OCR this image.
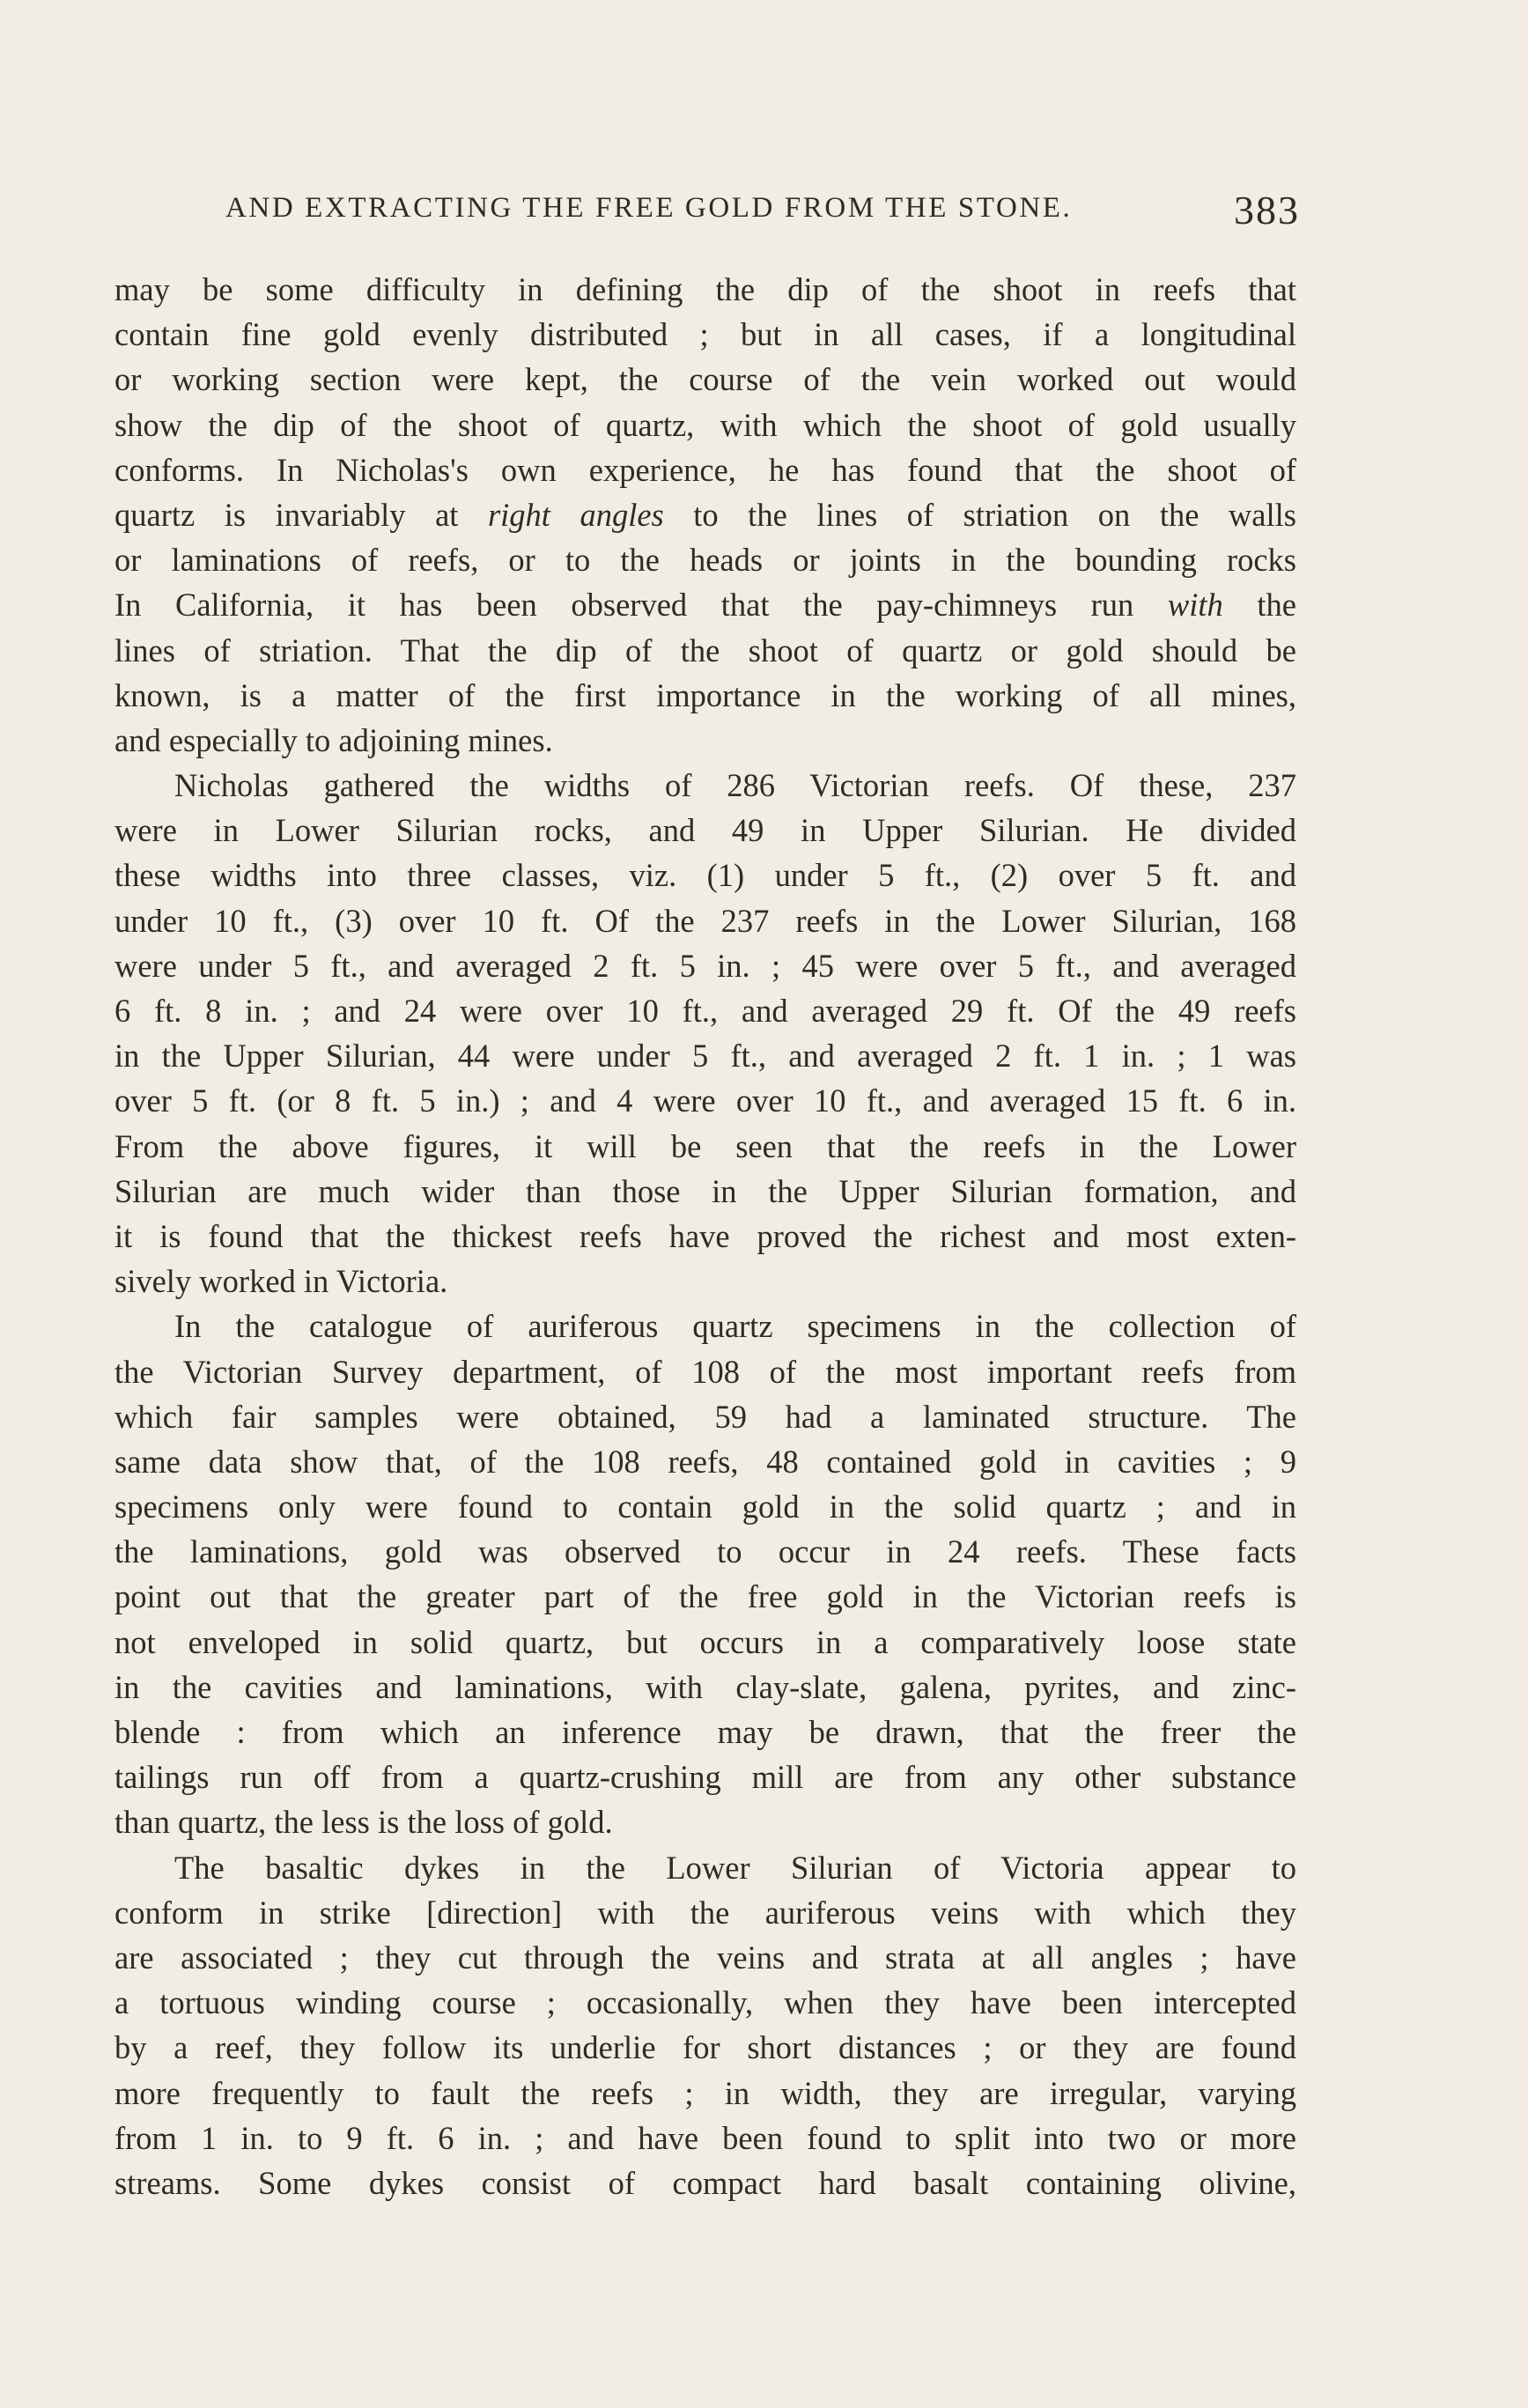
AND EXTRACTING THE FREE GOLD FROM THE STONE.	383
may be some difficulty in defining the dip of the shoot in reefs that
contain fine gold evenly distributed ; but in all cases, if a longitudinal
or working section were kept, the course of the vein worked out would
show the dip of the shoot of quartz, with which the shoot of gold usually
conforms. In Nicholas's own experience, he has found that the shoot of
quartz is invariably at right angles to the lines of striation on the walls
or laminations of reefs, or to the heads or joints in the bounding rocks
In California, it has been observed that the pay-chimneys run with the
lines of striation. That the dip of the shoot of quartz or gold should be
known, is a matter of the first importance in the working of all mines,
and especially to adjoining mines.
Nicholas gathered the widths of 286 Victorian reefs. Of these, 237
were in Lower Silurian rocks, and 49 in Upper Silurian. He divided
these widths into three classes, viz. (1) under 5 ft., (2) over 5 ft. and
under 10 ft., (3) over 10 ft. Of the 237 reefs in the Lower Silurian, 168
were under 5 ft., and averaged 2 ft. 5 in. ; 45 were over 5 ft., and averaged
6 ft. 8 in. ; and 24 were over 10 ft., and averaged 29 ft. Of the 49 reefs
in the Upper Silurian, 44 were under 5 ft., and averaged 2 ft. 1 in. ; 1 was
over 5 ft. (or 8 ft. 5 in.) ; and 4 were over 10 ft., and averaged 15 ft. 6 in.
From the above figures, it will be seen that the reefs in the Lower
Silurian are much wider than those in the Upper Silurian formation, and
it is found that the thickest reefs have proved the richest and most exten-
sively worked in Victoria.
In the catalogue of auriferous quartz specimens in the collection of
the Victorian Survey department, of 108 of the most important reefs from
which fair samples were obtained, 59 had a laminated structure. The
same data show that, of the 108 reefs, 48 contained gold in cavities ; 9
specimens only were found to contain gold in the solid quartz ; and in
the laminations, gold was observed to occur in 24 reefs. These facts
point out that the greater part of the free gold in the Victorian reefs is
not enveloped in solid quartz, but occurs in a comparatively loose state
in the cavities and laminations, with clay-slate, galena, pyrites, and zinc-
blende : from which an inference may be drawn, that the freer the
tailings run off from a quartz-crushing mill are from any other substance
than quartz, the less is the loss of gold.
The basaltic dykes in the Lower Silurian of Victoria appear to
conform in strike [direction] with the auriferous veins with which they
are associated ; they cut through the veins and strata at all angles ; have
a tortuous winding course ; occasionally, when they have been intercepted
by a reef, they follow its underlie for short distances ; or they are found
more frequently to fault the reefs ; in width, they are irregular, varying
from 1 in. to 9 ft. 6 in. ; and have been found to split into two or more
streams. Some dykes consist of compact hard basalt containing olivine,
